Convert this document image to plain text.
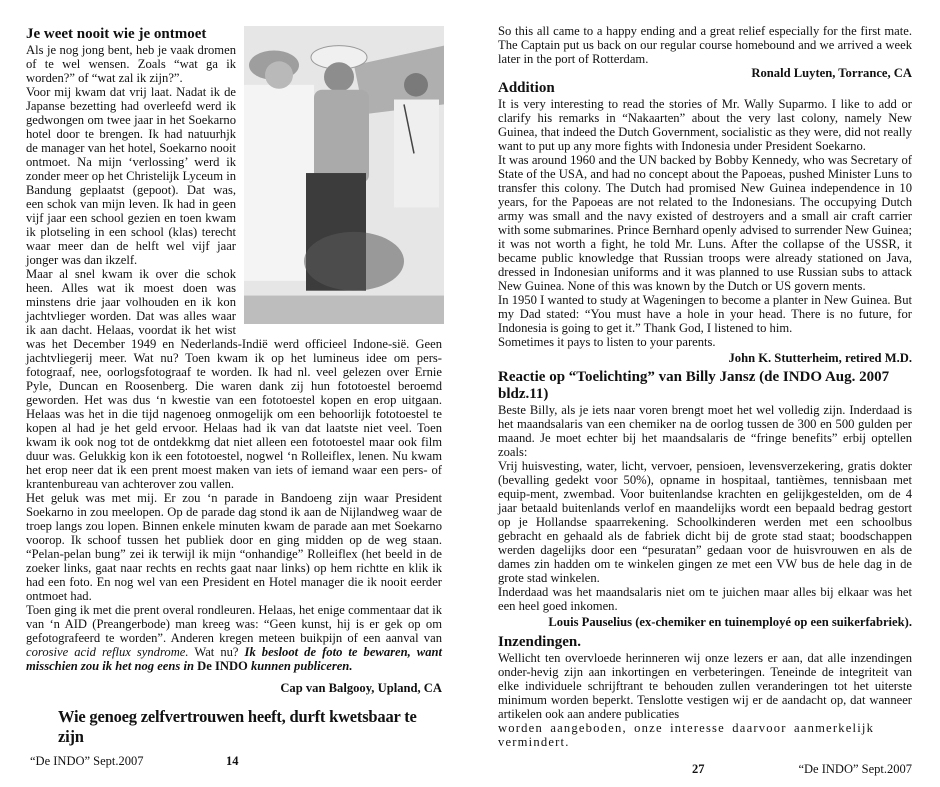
Je weet nooit wie je ontmoet

Als je nog jong bent, heb je vaak dromen of te wel wensen. Zoals “wat ga ik worden?” of “wat zal ik zijn?”.

Voor mij kwam dat vrij laat. Nadat ik de Japanse bezetting had overleefd werd ik gedwongen om twee jaar in het Soekarno hotel door te brengen. Ik had natuurhjk de manager van het hotel, Soekarno nooit ontmoet. Na mijn ‘verlossing’ werd ik zonder meer op het Christelijk Lyceum in Bandung geplaatst (gepoot). Dat was, een schok van mijn leven. Ik had in geen vijf jaar een school gezien en toen kwam ik plotseling in een school (klas) terecht waar meer dan de helft wel vijf jaar jonger was dan ikzelf.

Maar al snel kwam ik over die schok heen. Alles wat ik moest doen was minstens drie jaar volhouden en ik kon jachtvlieger worden. Dat was alles waar ik aan dacht. Helaas, voordat ik het wist was het December 1949 en Nederlands-Indië werd officieel Indone-sië. Geen jachtvliegerij meer. Wat nu? Toen kwam ik op het lumineus idee om pers-fotograaf, nee, oorlogsfotograaf te worden. Ik had nl. veel gelezen over Ernie Pyle, Duncan en Roosenberg. Die waren dank zij hun fototoestel beroemd geworden. Het was dus ‘n kwestie van een fototoestel kopen en erop uitgaan. Helaas was het in die tijd nagenoeg onmogelijk om een behoorlijk fototoestel te kopen al had je het geld ervoor. Helaas had ik van dat laatste niet veel. Toen kwam ik ook nog tot de ontdekkmg dat niet alleen een fototoestel maar ook film duur was. Gelukkig kon ik een fototoestel, nogwel ‘n Rolleiflex, lenen. Nu kwam het erop neer dat ik een prent moest maken van iets of iemand waar een pers- of krantenbureau van achterover zou vallen.

Het geluk was met mij. Er zou ‘n parade in Bandoeng zijn waar President Soekarno in zou meelopen. Op de parade dag stond ik aan de Nijlandweg waar de troep langs zou lopen. Binnen enkele minuten kwam de parade aan met Soekarno voorop. Ik schoof tussen het publiek door en ging midden op de weg staan. “Pelan-pelan bung” zei ik terwijl ik mijn “onhandige” Rolleiflex (het beeld in de zoeker links, gaat naar rechts en rechts gaat naar links) op hem richtte en klik ik had een foto. En nog wel van een President en Hotel manager die ik nooit eerder ontmoet had.

Toen ging ik met die prent overal rondleuren. Helaas, het enige commentaar dat ik van ‘n AID (Preangerbode) man kreeg was: “Geen kunst, hij is er gek op om gefotografeerd te worden”. Anderen kregen meteen buikpijn of een aanval van corosive acid reflux syndrome. Wat nu? Ik besloot de foto te bewaren, want misschien zou ik het nog eens in De INDO kunnen publiceren.

Cap van Balgooy, Upland, CA

Wie genoeg zelfvertrouwen heeft, durft kwetsbaar te zijn
“De INDO” Sept.2007	14

So this all came to a happy ending and a great relief especially for the first mate. The Captain put us back on our regular course homebound and we arrived a week later in the port of Rotterdam.

Ronald Luyten, Torrance, CA

Addition

It is very interesting to read the stories of Mr. Wally Suparmo. I like to add or clarify his remarks in “Nakaarten” about the very last colony, namely New Guinea, that indeed the Dutch Government, socialistic as they were, did not really want to put up any more fights with Indonesia under President Soekarno.

It was around 1960 and the UN backed by Bobby Kennedy, who was Secretary of State of the USA, and had no concept about the Papoeas, pushed Minister Luns to transfer this colony. The Dutch had promised New Guinea independence in 10 years, for the Papoeas are not related to the Indonesians. The occupying Dutch army was small and the navy existed of destroyers and a small air craft carrier with some submarines. Prince Bernhard openly advised to surrender New Guinea; it was not worth a fight, he told Mr. Luns. After the collapse of the USSR, it became public knowledge that Russian troops were already stationed on Java, dressed in Indonesian uniforms and it was planned to use Russian subs to attack New Guinea. None of this was known by the Dutch or US govern ments.

In 1950 I wanted to study at Wageningen to become a planter in New Guinea. But my Dad stated: “You must have a hole in your head. There is no future, for Indonesia is going to get it.” Thank God, I listened to him.

Sometimes it pays to listen to your parents.

John K. Stutterheim, retired M.D.

Reactie op “Toelichting” van Billy Jansz (de INDO Aug. 2007 bldz.11)

Beste Billy, als je iets naar voren brengt moet het wel volledig zijn. Inderdaad is het maandsalaris van een chemiker na de oorlog tussen de 300 en 500 gulden per maand. Je moet echter bij het maandsalaris de “fringe benefits” erbij optellen zoals:

Vrij huisvesting, water, licht, vervoer, pensioen, levensverzekering, gratis dokter (bevalling gedekt voor 50%), opname in hospitaal, tantièmes, tennisbaan met equip-ment, zwembad. Voor buitenlandse krachten en gelijkgestelden, om de 4 jaar betaald buitenlands verlof en maandelijks wordt een bepaald bedrag gestort op je Hollandse spaarrekening. Schoolkinderen werden met een schoolbus gebracht en gehaald als de fabriek dicht bij de grote stad staat; boodschappen werden dagelijks door een “pesuratan” gedaan voor de huisvrouwen en als de dames zin hadden om te winkelen gingen ze met een VW bus de hele dag in de grote stad winkelen.

Inderdaad was het maandsalaris niet om te juichen maar alles bij elkaar was het een heel goed inkomen.

Louis Pauselius (ex-chemiker en tuinemployé op een suikerfabriek).

Inzendingen.

Wellicht ten overvloede herinneren wij onze lezers er aan, dat alle inzendingen onder-hevig zijn aan inkortingen en verbeteringen. Teneinde de integriteit van elke individuele schrijftrant te behouden zullen veranderingen tot het uiterste minimum worden beperkt. Tenslotte vestigen wij er de aandacht op, dat wanneer artikelen ook aan andere publicaties

worden aangeboden, onze interesse daarvoor aanmerkelijk vermindert.

27	“De INDO” Sept.2007
